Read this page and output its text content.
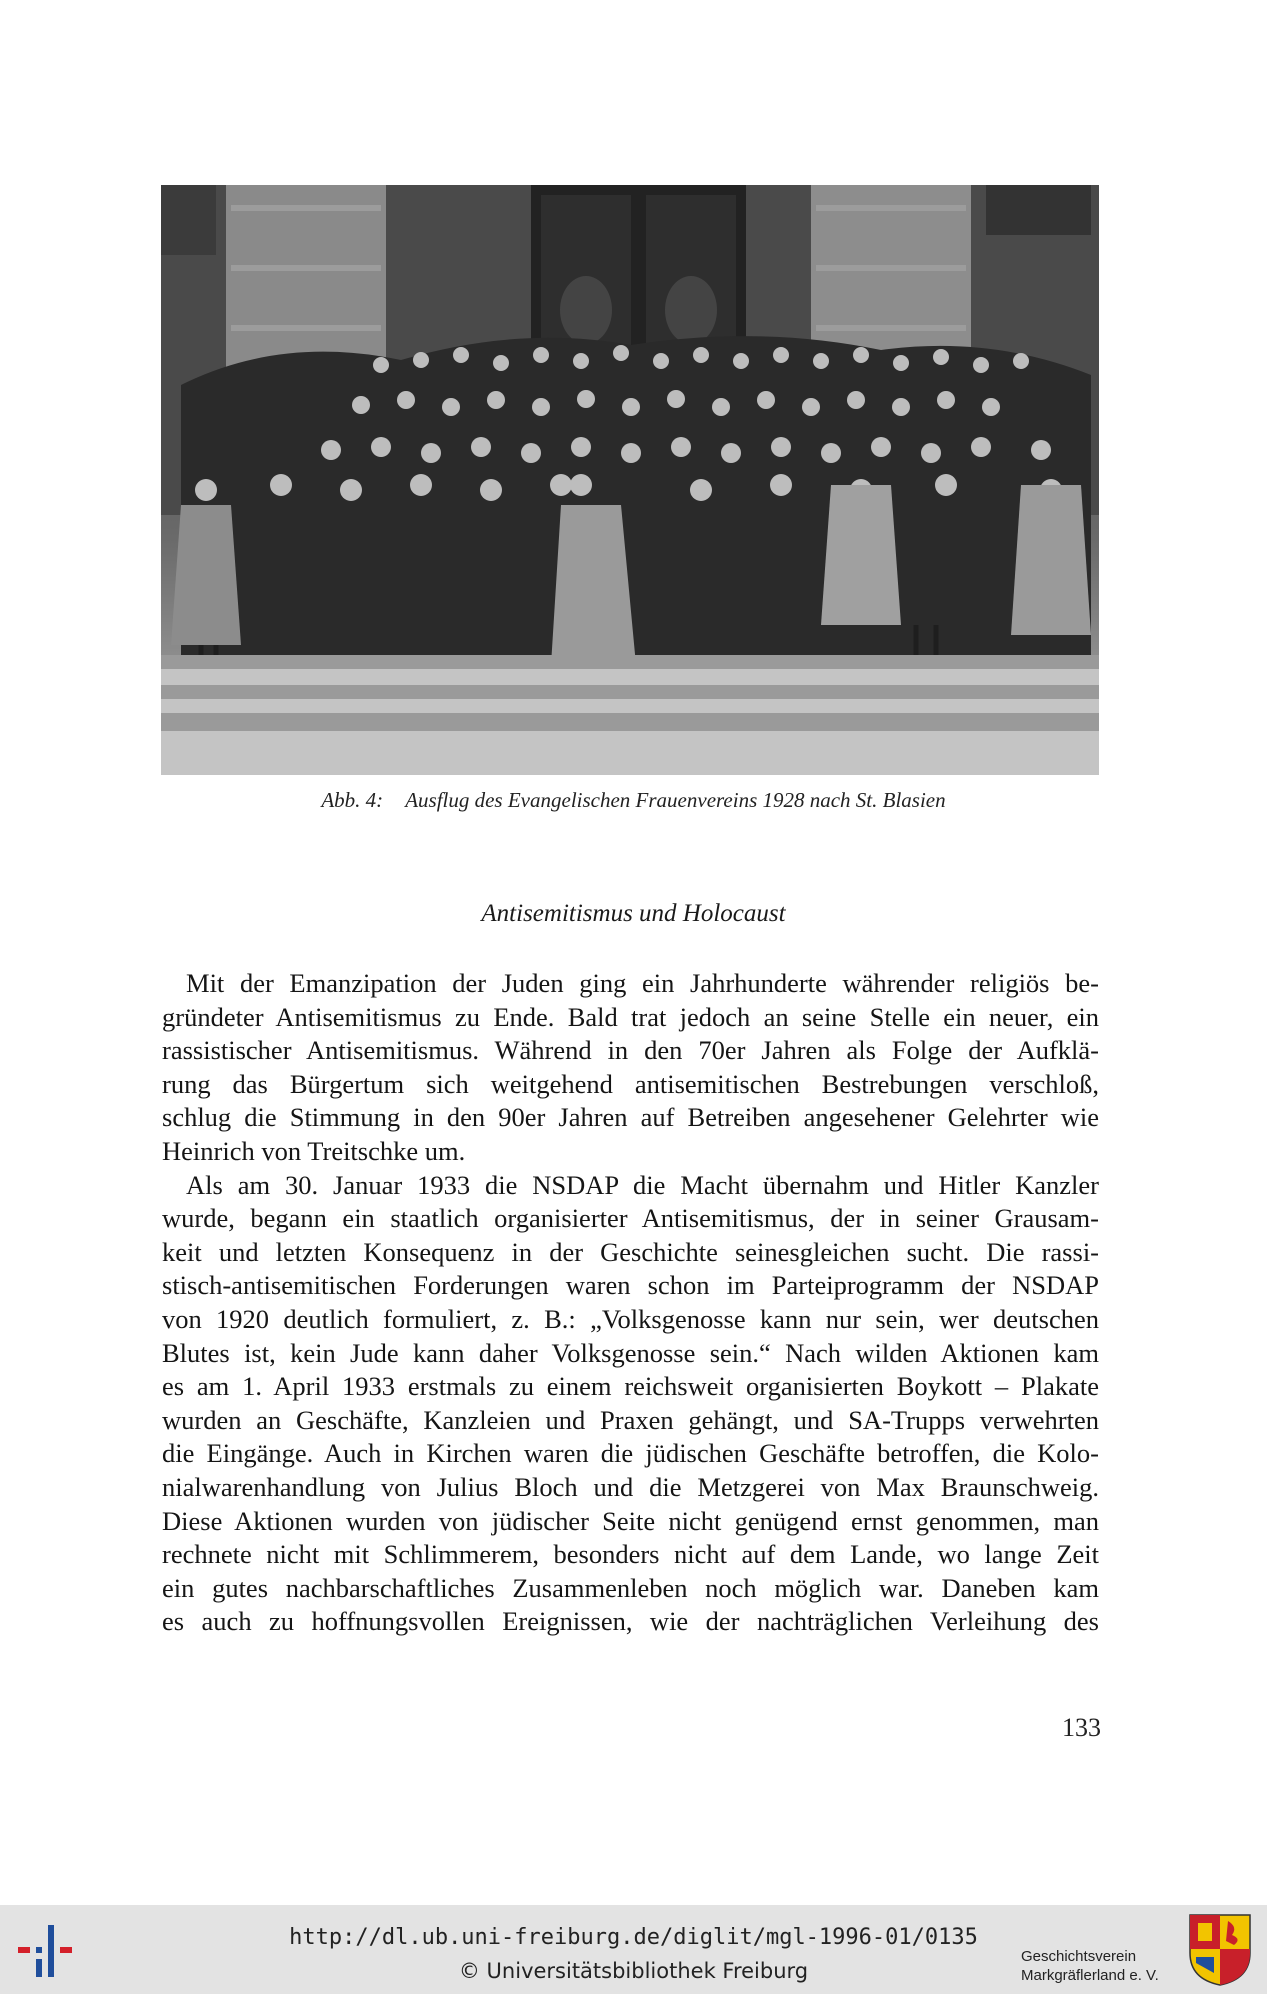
Abb. 4: Ausflug des Evangelischen Frauenvereins 1928 nach St. Blasien
Antisemitismus und Holocaust
Mit der Emanzipation der Juden ging ein Jahrhunderte währender religiös be-
gründeter Antisemitismus zu Ende. Bald trat jedoch an seine Stelle ein neuer, ein
rassistischer Antisemitismus. Während in den 70er Jahren als Folge der Aufklä-
rung das Bürgertum sich weitgehend antisemitischen Bestrebungen verschloß,
schlug die Stimmung in den 90er Jahren auf Betreiben angesehener Gelehrter wie
Heinrich von Treitschke um.
Als am 30. Januar 1933 die NSDAP die Macht übernahm und Hitler Kanzler
wurde, begann ein staatlich organisierter Antisemitismus, der in seiner Grausam-
keit und letzten Konsequenz in der Geschichte seinesgleichen sucht. Die rassi-
stisch-antisemitischen Forderungen waren schon im Parteiprogramm der NSDAP
von 1920 deutlich formuliert, z. B.: „Volksgenosse kann nur sein, wer deutschen
Blutes ist, kein Jude kann daher Volksgenosse sein.“ Nach wilden Aktionen kam
es am 1. April 1933 erstmals zu einem reichsweit organisierten Boykott – Plakate
wurden an Geschäfte, Kanzleien und Praxen gehängt, und SA-Trupps verwehrten
die Eingänge. Auch in Kirchen waren die jüdischen Geschäfte betroffen, die Kolo-
nialwarenhandlung von Julius Bloch und die Metzgerei von Max Braunschweig.
Diese Aktionen wurden von jüdischer Seite nicht genügend ernst genommen, man
rechnete nicht mit Schlimmerem, besonders nicht auf dem Lande, wo lange Zeit
ein gutes nachbarschaftliches Zusammenleben noch möglich war. Daneben kam
es auch zu hoffnungsvollen Ereignissen, wie der nachträglichen Verleihung des
133
http://dl.ub.uni-freiburg.de/diglit/mgl-1996-01/0135
© Universitätsbibliothek Freiburg
Geschichtsverein
Markgräflerland e. V.
